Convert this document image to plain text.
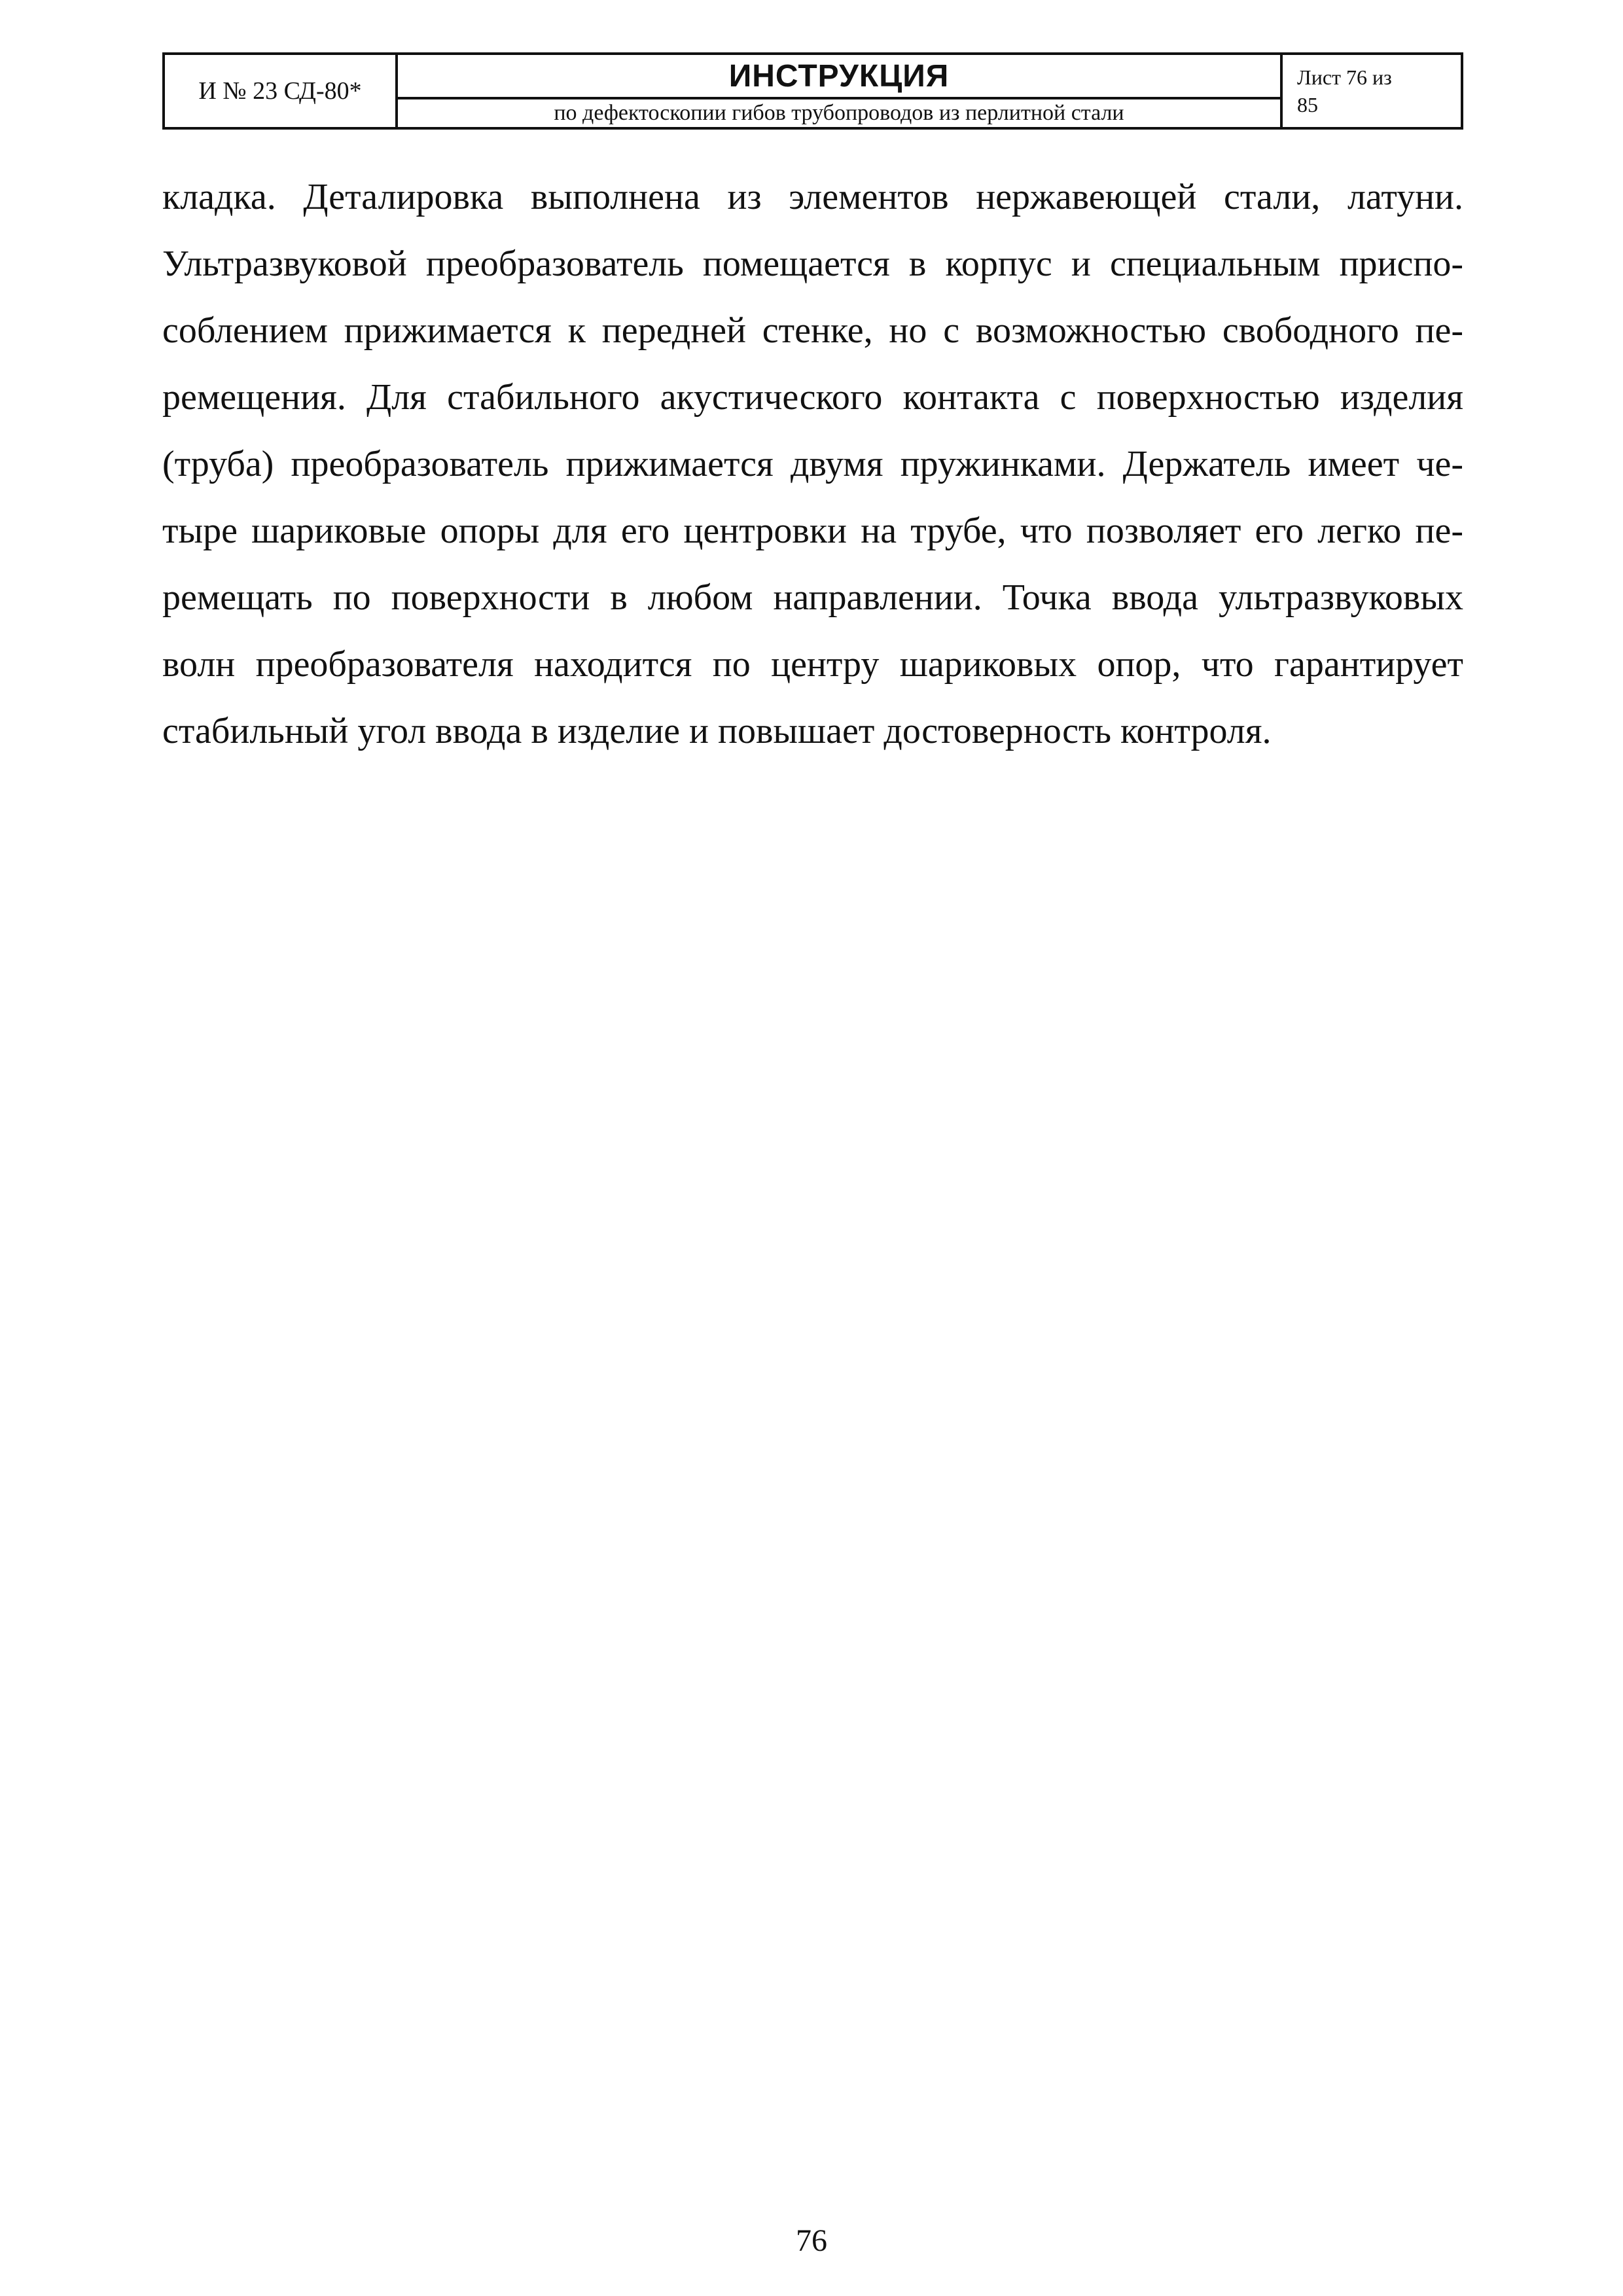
И № 23 СД-80*	ИНСТРУКЦИЯ
по дефектоскопии гибов трубопроводов из перлитной стали
Лист 76 из
85
кладка. Деталировка выполнена из элементов нержавеющей стали, латуни.
Ультразвуковой преобразователь помещается в корпус и специальным приспо-
соблением прижимается к передней стенке, но с возможностью свободного пе-
ремещения. Для стабильного акустического контакта с поверхностью изделия
(труба) преобразователь прижимается двумя пружинками. Держатель имеет че-
тыре шариковые опоры для его центровки на трубе, что позволяет его легко пе-
ремещать по поверхности в любом направлении. Точка ввода ультразвуковых
волн преобразователя находится по центру шариковых опор, что гарантирует
стабильный угол ввода в изделие и повышает достоверность контроля.
76
